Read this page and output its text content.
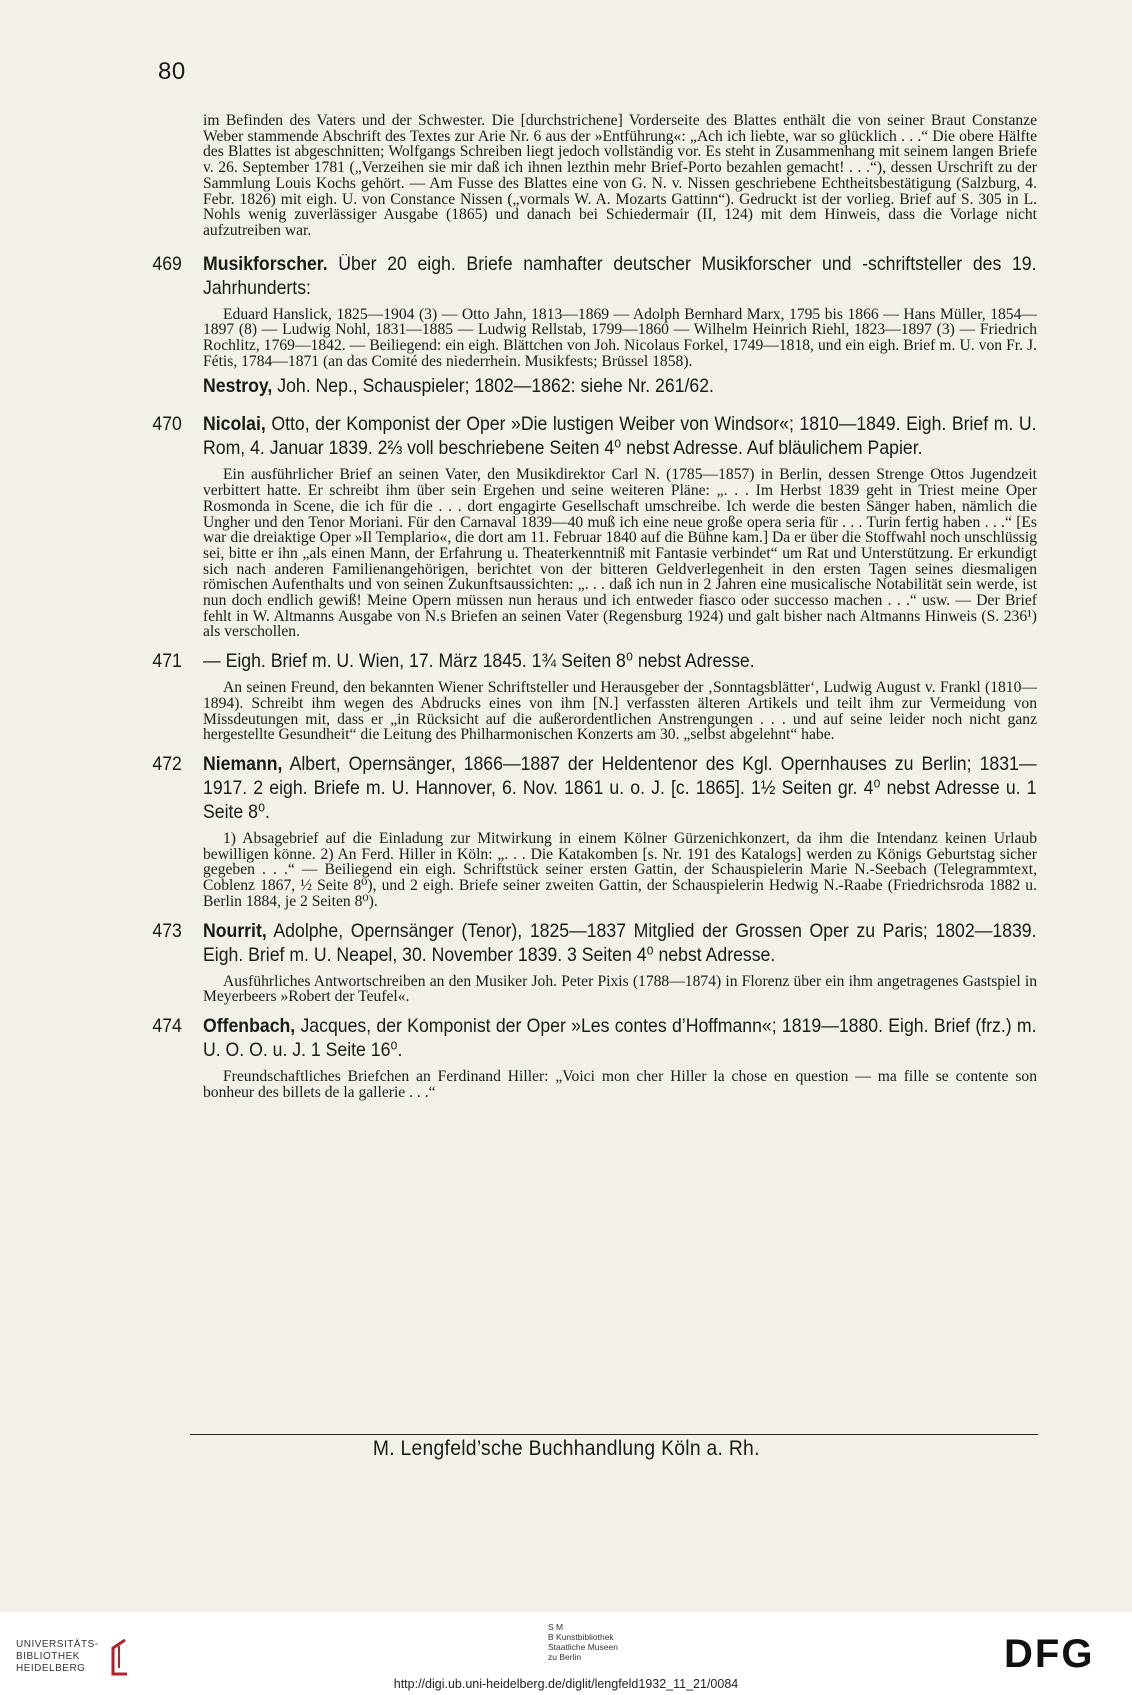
80

im Befinden des Vaters und der Schwester. Die [durchstrichene] Vorderseite des Blattes enthält die von seiner Braut Constanze Weber stammende Abschrift des Textes zur Arie Nr. 6 aus der »Entführung«: „Ach ich liebte, war so glücklich . . .“ Die obere Hälfte des Blattes ist abgeschnitten; Wolfgangs Schreiben liegt jedoch vollständig vor. Es steht in Zusammenhang mit seinem langen Briefe v. 26. September 1781 („Verzeihen sie mir daß ich ihnen lezthin mehr Brief-Porto bezahlen gemacht! . . .“), dessen Urschrift zu der Sammlung Louis Kochs gehört. — Am Fusse des Blattes eine von G. N. v. Nissen geschriebene Echtheitsbestätigung (Salzburg, 4. Febr. 1826) mit eigh. U. von Constance Nissen („vormals W. A. Mozarts Gattinn“). Gedruckt ist der vorlieg. Brief auf S. 305 in L. Nohls wenig zuverlässiger Ausgabe (1865) und danach bei Schiedermair (II, 124) mit dem Hinweis, dass die Vorlage nicht aufzutreiben war.

469 Musikforscher. Über 20 eigh. Briefe namhafter deutscher Musikforscher und -schriftsteller des 19. Jahrhunderts:

Eduard Hanslick, 1825—1904 (3) — Otto Jahn, 1813—1869 — Adolph Bernhard Marx, 1795 bis 1866 — Hans Müller, 1854—1897 (8) — Ludwig Nohl, 1831—1885 — Ludwig Rellstab, 1799—1860 — Wilhelm Heinrich Riehl, 1823—1897 (3) — Friedrich Rochlitz, 1769—1842. — Beiliegend: ein eigh. Blättchen von Joh. Nicolaus Forkel, 1749—1818, und ein eigh. Brief m. U. von Fr. J. Fétis, 1784—1871 (an das Comité des niederrhein. Musikfests; Brüssel 1858).

Nestroy, Joh. Nep., Schauspieler; 1802—1862: siehe Nr. 261/62.

470 Nicolai, Otto, der Komponist der Oper »Die lustigen Weiber von Windsor«; 1810—1849. Eigh. Brief m. U. Rom, 4. Januar 1839. 2⅔ voll beschriebene Seiten 4⁰ nebst Adresse. Auf bläulichem Papier.

Ein ausführlicher Brief an seinen Vater, den Musikdirektor Carl N. (1785—1857) in Berlin, dessen Strenge Ottos Jugendzeit verbittert hatte. Er schreibt ihm über sein Ergehen und seine weiteren Pläne: „. . . Im Herbst 1839 geht in Triest meine Oper Rosmonda in Scene, die ich für die . . . dort engagirte Gesellschaft umschreibe. Ich werde die besten Sänger haben, nämlich die Ungher und den Tenor Moriani. Für den Carnaval 1839—40 muß ich eine neue große opera seria für . . . Turin fertig haben . . .“ [Es war die dreiaktige Oper »Il Templario«, die dort am 11. Februar 1840 auf die Bühne kam.] Da er über die Stoffwahl noch unschlüssig sei, bitte er ihn „als einen Mann, der Erfahrung u. Theaterkenntniß mit Fantasie verbindet“ um Rat und Unterstützung. Er erkundigt sich nach anderen Familienangehörigen, berichtet von der bitteren Geldverlegenheit in den ersten Tagen seines diesmaligen römischen Aufenthalts und von seinen Zukunftsaussichten: „. . . daß ich nun in 2 Jahren eine musicalische Notabilität sein werde, ist nun doch endlich gewiß! Meine Opern müssen nun heraus und ich entweder fiasco oder successo machen . . .“ usw. — Der Brief fehlt in W. Altmanns Ausgabe von N.s Briefen an seinen Vater (Regensburg 1924) und galt bisher nach Altmanns Hinweis (S. 236¹) als verschollen.

471 — Eigh. Brief m. U. Wien, 17. März 1845. 1¾ Seiten 8⁰ nebst Adresse.

An seinen Freund, den bekannten Wiener Schriftsteller und Herausgeber der ‚Sonntagsblätter‘, Ludwig August v. Frankl (1810—1894). Schreibt ihm wegen des Abdrucks eines von ihm [N.] verfassten älteren Artikels und teilt ihm zur Vermeidung von Missdeutungen mit, dass er „in Rücksicht auf die außerordentlichen Anstrengungen . . . und auf seine leider noch nicht ganz hergestellte Gesundheit“ die Leitung des Philharmonischen Konzerts am 30. „selbst abgelehnt“ habe.

472 Niemann, Albert, Opernsänger, 1866—1887 der Heldentenor des Kgl. Opernhauses zu Berlin; 1831—1917. 2 eigh. Briefe m. U. Hannover, 6. Nov. 1861 u. o. J. [c. 1865]. 1½ Seiten gr. 4⁰ nebst Adresse u. 1 Seite 8⁰.

1) Absagebrief auf die Einladung zur Mitwirkung in einem Kölner Gürzenichkonzert, da ihm die Intendanz keinen Urlaub bewilligen könne. 2) An Ferd. Hiller in Köln: „. . . Die Katakomben [s. Nr. 191 des Katalogs] werden zu Königs Geburtstag sicher gegeben . . .“ — Beiliegend ein eigh. Schriftstück seiner ersten Gattin, der Schauspielerin Marie N.-Seebach (Telegrammtext, Coblenz 1867, ½ Seite 8⁰), und 2 eigh. Briefe seiner zweiten Gattin, der Schauspielerin Hedwig N.-Raabe (Friedrichsroda 1882 u. Berlin 1884, je 2 Seiten 8⁰).

473 Nourrit, Adolphe, Opernsänger (Tenor), 1825—1837 Mitglied der Grossen Oper zu Paris; 1802—1839. Eigh. Brief m. U. Neapel, 30. November 1839. 3 Seiten 4⁰ nebst Adresse.

Ausführliches Antwortschreiben an den Musiker Joh. Peter Pixis (1788—1874) in Florenz über ein ihm angetragenes Gastspiel in Meyerbeers »Robert der Teufel«.

474 Offenbach, Jacques, der Komponist der Oper »Les contes d’Hoffmann«; 1819—1880. Eigh. Brief (frz.) m. U. O. O. u. J. 1 Seite 16⁰.

Freundschaftliches Briefchen an Ferdinand Hiller: „Voici mon cher Hiller la chose en question — ma fille se contente son bonheur des billets de la gallerie . . .“

M. Lengfeld’sche Buchhandlung Köln a. Rh.
UNIVERSITÄTS-
BIBLIOTHEK
HEIDELBERG
S M
B Kunstbibliothek
Staatliche Museen
zu Berlin	DFG
http://digi.ub.uni-heidelberg.de/diglit/lengfeld1932_11_21/0084
